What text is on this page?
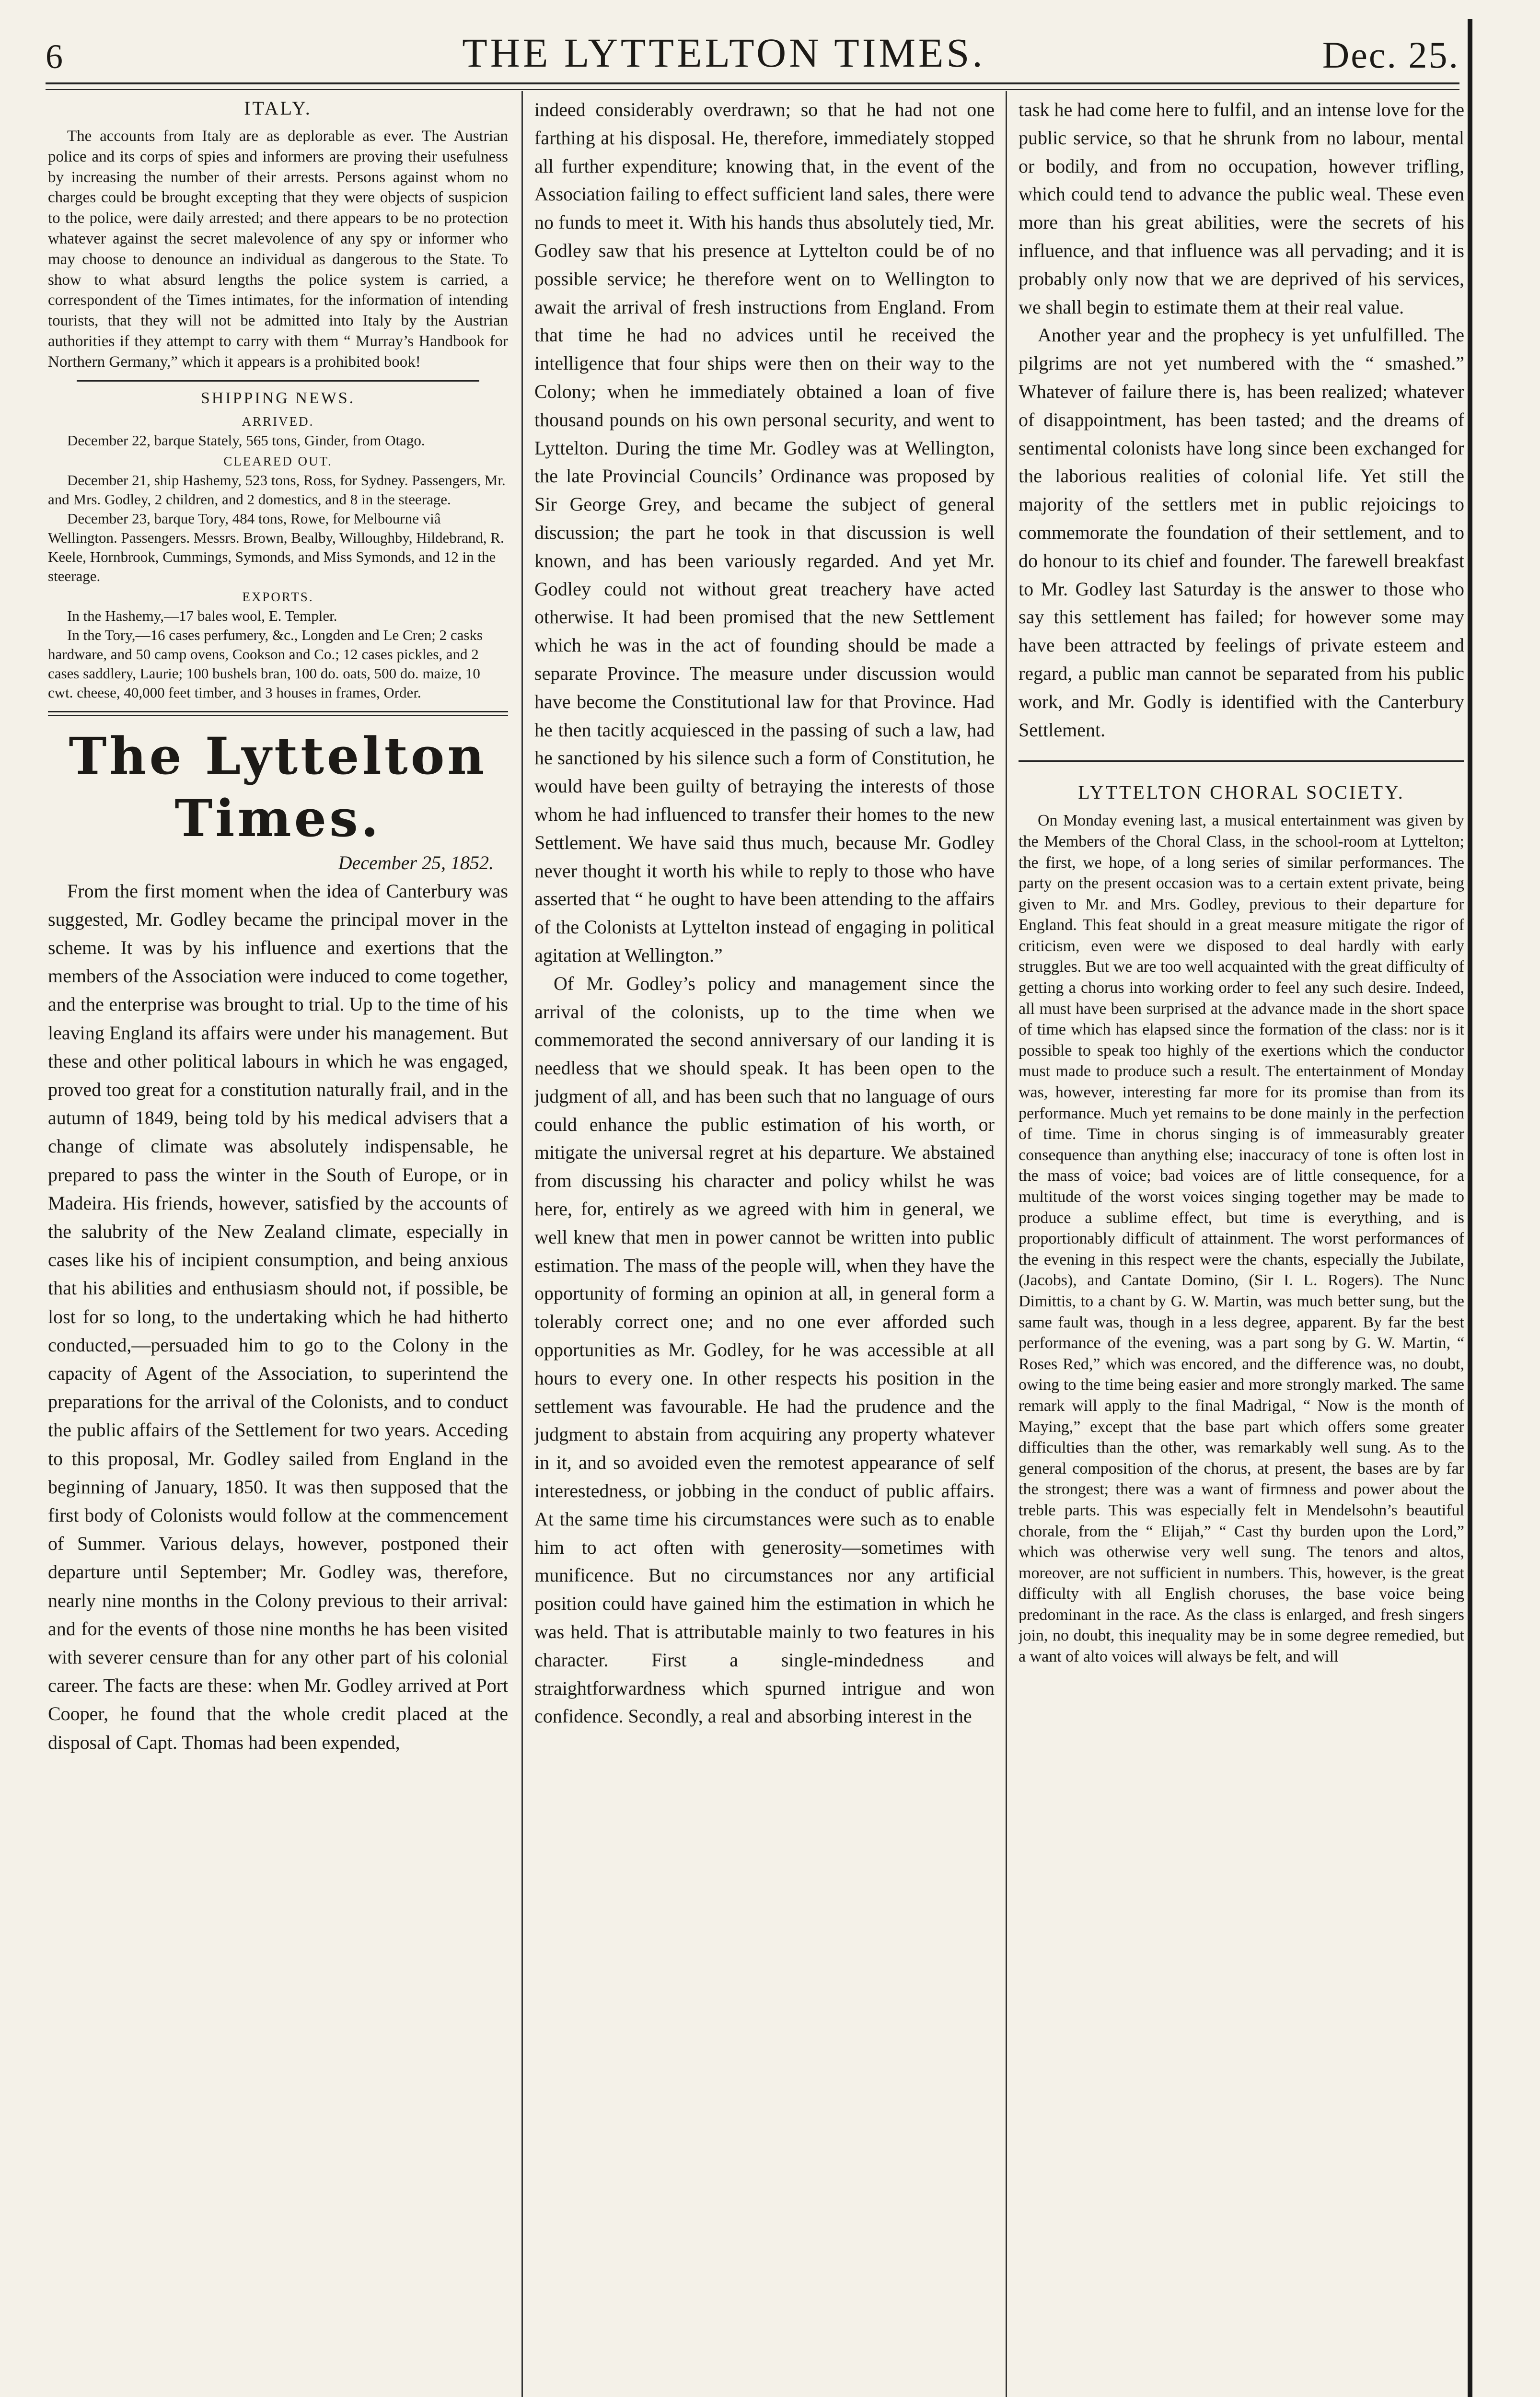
6	THE LYTTELTON TIMES.	Dec. 25.
ITALY.

The accounts from Italy are as deplorable as ever. The Austrian police and its corps of spies and informers are proving their usefulness by increasing the number of their arrests. Persons against whom no charges could be brought excepting that they were objects of suspicion to the police, were daily arrested; and there appears to be no protection whatever against the secret malevolence of any spy or informer who may choose to denounce an individual as dangerous to the State. To show to what absurd lengths the police system is carried, a correspondent of the Times intimates, for the information of intending tourists, that they will not be admitted into Italy by the Austrian authorities if they attempt to carry with them “ Murray’s Handbook for Northern Germany,” which it appears is a prohibited book!

SHIPPING NEWS.
ARRIVED.

December 22, barque Stately, 565 tons, Ginder, from Otago.

CLEARED OUT.

December 21, ship Hashemy, 523 tons, Ross, for Sydney. Passengers, Mr. and Mrs. Godley, 2 children, and 2 domestics, and 8 in the steerage.

December 23, barque Tory, 484 tons, Rowe, for Melbourne viâ Wellington. Passengers. Messrs. Brown, Bealby, Willoughby, Hildebrand, R. Keele, Hornbrook, Cummings, Symonds, and Miss Symonds, and 12 in the steerage.

EXPORTS.

In the Hashemy,—17 bales wool, E. Templer.

In the Tory,—16 cases perfumery, &c., Longden and Le Cren; 2 casks hardware, and 50 camp ovens, Cookson and Co.; 12 cases pickles, and 2 cases saddlery, Laurie; 100 bushels bran, 100 do. oats, 500 do. maize, 10 cwt. cheese, 40,000 feet timber, and 3 houses in frames, Order.

The Lyttelton Times.
December 25, 1852.

From the first moment when the idea of Canterbury was suggested, Mr. Godley became the principal mover in the scheme. It was by his influence and exertions that the members of the Association were induced to come together, and the enterprise was brought to trial. Up to the time of his leaving England its affairs were under his management. But these and other political labours in which he was engaged, proved too great for a constitution naturally frail, and in the autumn of 1849, being told by his medical advisers that a change of climate was absolutely indispensable, he prepared to pass the winter in the South of Europe, or in Madeira. His friends, however, satisfied by the accounts of the salubrity of the New Zealand climate, especially in cases like his of incipient consumption, and being anxious that his abilities and enthusiasm should not, if possible, be lost for so long, to the undertaking which he had hitherto conducted,—persuaded him to go to the Colony in the capacity of Agent of the Association, to superintend the preparations for the arrival of the Colonists, and to conduct the public affairs of the Settlement for two years. Acceding to this proposal, Mr. Godley sailed from England in the beginning of January, 1850. It was then supposed that the first body of Colonists would follow at the commencement of Summer. Various delays, however, postponed their departure until September; Mr. Godley was, therefore, nearly nine months in the Colony previous to their arrival: and for the events of those nine months he has been visited with severer censure than for any other part of his colonial career. The facts are these: when Mr. Godley arrived at Port Cooper, he found that the whole credit placed at the disposal of Capt. Thomas had been expended,

indeed considerably overdrawn; so that he had not one farthing at his disposal. He, therefore, immediately stopped all further expenditure; knowing that, in the event of the Association failing to effect sufficient land sales, there were no funds to meet it. With his hands thus absolutely tied, Mr. Godley saw that his presence at Lyttelton could be of no possible service; he therefore went on to Wellington to await the arrival of fresh instructions from England. From that time he had no advices until he received the intelligence that four ships were then on their way to the Colony; when he immediately obtained a loan of five thousand pounds on his own personal security, and went to Lyttelton. During the time Mr. Godley was at Wellington, the late Provincial Councils’ Ordinance was proposed by Sir George Grey, and became the subject of general discussion; the part he took in that discussion is well known, and has been variously regarded. And yet Mr. Godley could not without great treachery have acted otherwise. It had been promised that the new Settlement which he was in the act of founding should be made a separate Province. The measure under discussion would have become the Constitutional law for that Province. Had he then tacitly acquiesced in the passing of such a law, had he sanctioned by his silence such a form of Constitution, he would have been guilty of betraying the interests of those whom he had influenced to transfer their homes to the new Settlement. We have said thus much, because Mr. Godley never thought it worth his while to reply to those who have asserted that “ he ought to have been attending to the affairs of the Colonists at Lyttelton instead of engaging in political agitation at Wellington.”

Of Mr. Godley’s policy and management since the arrival of the colonists, up to the time when we commemorated the second anniversary of our landing it is needless that we should speak. It has been open to the judgment of all, and has been such that no language of ours could enhance the public estimation of his worth, or mitigate the universal regret at his departure. We abstained from discussing his character and policy whilst he was here, for, entirely as we agreed with him in general, we well knew that men in power cannot be written into public estimation. The mass of the people will, when they have the opportunity of forming an opinion at all, in general form a tolerably correct one; and no one ever afforded such opportunities as Mr. Godley, for he was accessible at all hours to every one. In other respects his position in the settlement was favourable. He had the prudence and the judgment to abstain from acquiring any property whatever in it, and so avoided even the remotest appearance of self interestedness, or jobbing in the conduct of public affairs. At the same time his circumstances were such as to enable him to act often with generosity—sometimes with munificence. But no circumstances nor any artificial position could have gained him the estimation in which he was held. That is attributable mainly to two features in his character. First a single-mindedness and straightforwardness which spurned intrigue and won confidence. Secondly, a real and absorbing interest in the

task he had come here to fulfil, and an intense love for the public service, so that he shrunk from no labour, mental or bodily, and from no occupation, however trifling, which could tend to advance the public weal. These even more than his great abilities, were the secrets of his influence, and that influence was all pervading; and it is probably only now that we are deprived of his services, we shall begin to estimate them at their real value.

Another year and the prophecy is yet unfulfilled. The pilgrims are not yet numbered with the “ smashed.” Whatever of failure there is, has been realized; whatever of disappointment, has been tasted; and the dreams of sentimental colonists have long since been exchanged for the laborious realities of colonial life. Yet still the majority of the settlers met in public rejoicings to commemorate the foundation of their settlement, and to do honour to its chief and founder. The farewell breakfast to Mr. Godley last Saturday is the answer to those who say this settlement has failed; for however some may have been attracted by feelings of private esteem and regard, a public man cannot be separated from his public work, and Mr. Godly is identified with the Canterbury Settlement.

LYTTELTON CHORAL SOCIETY.

On Monday evening last, a musical entertainment was given by the Members of the Choral Class, in the school-room at Lyttelton; the first, we hope, of a long series of similar performances. The party on the present occasion was to a certain extent private, being given to Mr. and Mrs. Godley, previous to their departure for England. This feat should in a great measure mitigate the rigor of criticism, even were we disposed to deal hardly with early struggles. But we are too well acquainted with the great difficulty of getting a chorus into working order to feel any such desire. Indeed, all must have been surprised at the advance made in the short space of time which has elapsed since the formation of the class: nor is it possible to speak too highly of the exertions which the conductor must made to produce such a result. The entertainment of Monday was, however, interesting far more for its promise than from its performance. Much yet remains to be done mainly in the perfection of time. Time in chorus singing is of immeasurably greater consequence than anything else; inaccuracy of tone is often lost in the mass of voice; bad voices are of little consequence, for a multitude of the worst voices singing together may be made to produce a sublime effect, but time is everything, and is proportionably difficult of attainment. The worst performances of the evening in this respect were the chants, especially the Jubilate, (Jacobs), and Cantate Domino, (Sir I. L. Rogers). The Nunc Dimittis, to a chant by G. W. Martin, was much better sung, but the same fault was, though in a less degree, apparent. By far the best performance of the evening, was a part song by G. W. Martin, “ Roses Red,” which was encored, and the difference was, no doubt, owing to the time being easier and more strongly marked. The same remark will apply to the final Madrigal, “ Now is the month of Maying,” except that the base part which offers some greater difficulties than the other, was remarkably well sung. As to the general composition of the chorus, at present, the bases are by far the strongest; there was a want of firmness and power about the treble parts. This was especially felt in Mendelsohn’s beautiful chorale, from the “ Elijah,” “ Cast thy burden upon the Lord,” which was otherwise very well sung. The tenors and altos, moreover, are not sufficient in numbers. This, however, is the great difficulty with all English choruses, the base voice being predominant in the race. As the class is enlarged, and fresh singers join, no doubt, this inequality may be in some degree remedied, but a want of alto voices will always be felt, and will
